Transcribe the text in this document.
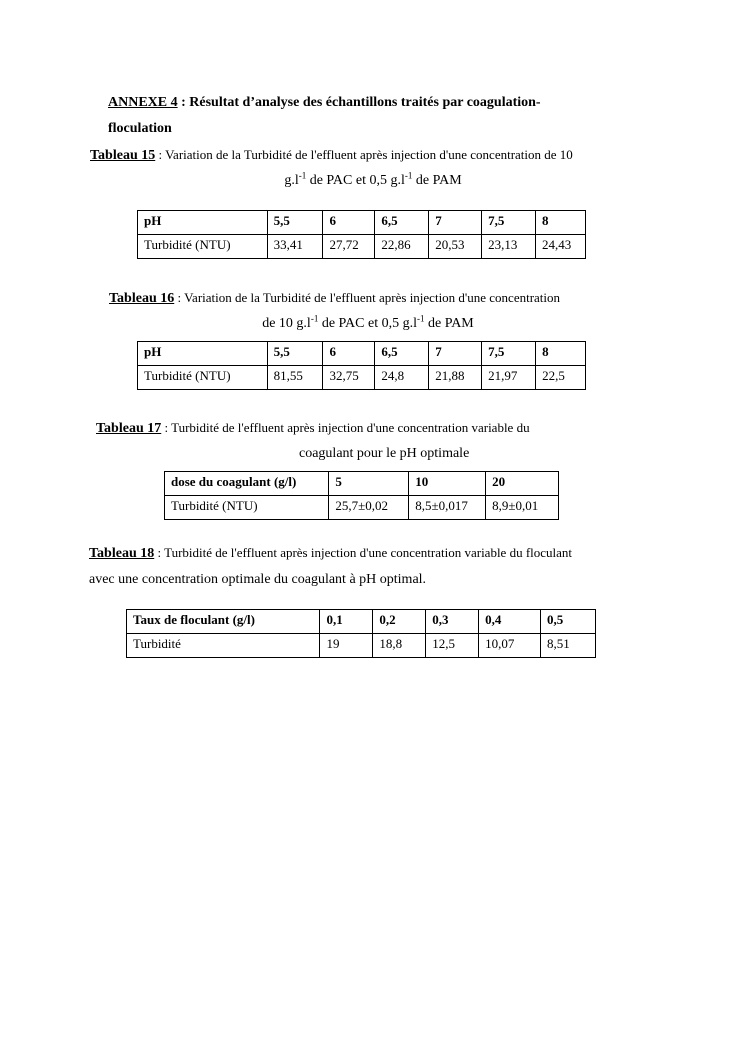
ANNEXE 4 : Résultat d’analyse des échantillons traités par coagulation-
floculation
Tableau 15 : Variation de la Turbidité de l'effluent après injection d'une concentration de 10
$g.l^{-1}$ de PAC et 0,5 $g.l^{-1}$ de PAM
pH	5,5	6	6,5	7	7,5	8
Turbidité (NTU)	33,41	27,72	22,86	20,53	23,13	24,43
Tableau 16 : Variation de la Turbidité de l'effluent après injection d'une concentration
de 10 $g.l^{-1}$ de PAC et 0,5 $g.l^{-1}$ de PAM
pH	5,5	6	6,5	7	7,5	8
Turbidité (NTU)	81,55	32,75	24,8	21,88	21,97	22,5
Tableau 17 : Turbidité de l'effluent après injection d'une concentration variable du
coagulant pour le pH optimale
dose du coagulant (g/l)	5	10	20
Turbidité (NTU)	25,7±0,02	8,5±0,017	8,9±0,01
Tableau 18 : Turbidité de l'effluent après injection d'une concentration variable du floculant
avec une concentration optimale du coagulant à pH optimal.
Taux de floculant (g/l)	0,1	0,2	0,3	0,4	0,5
Turbidité	19	18,8	12,5	10,07	8,51
